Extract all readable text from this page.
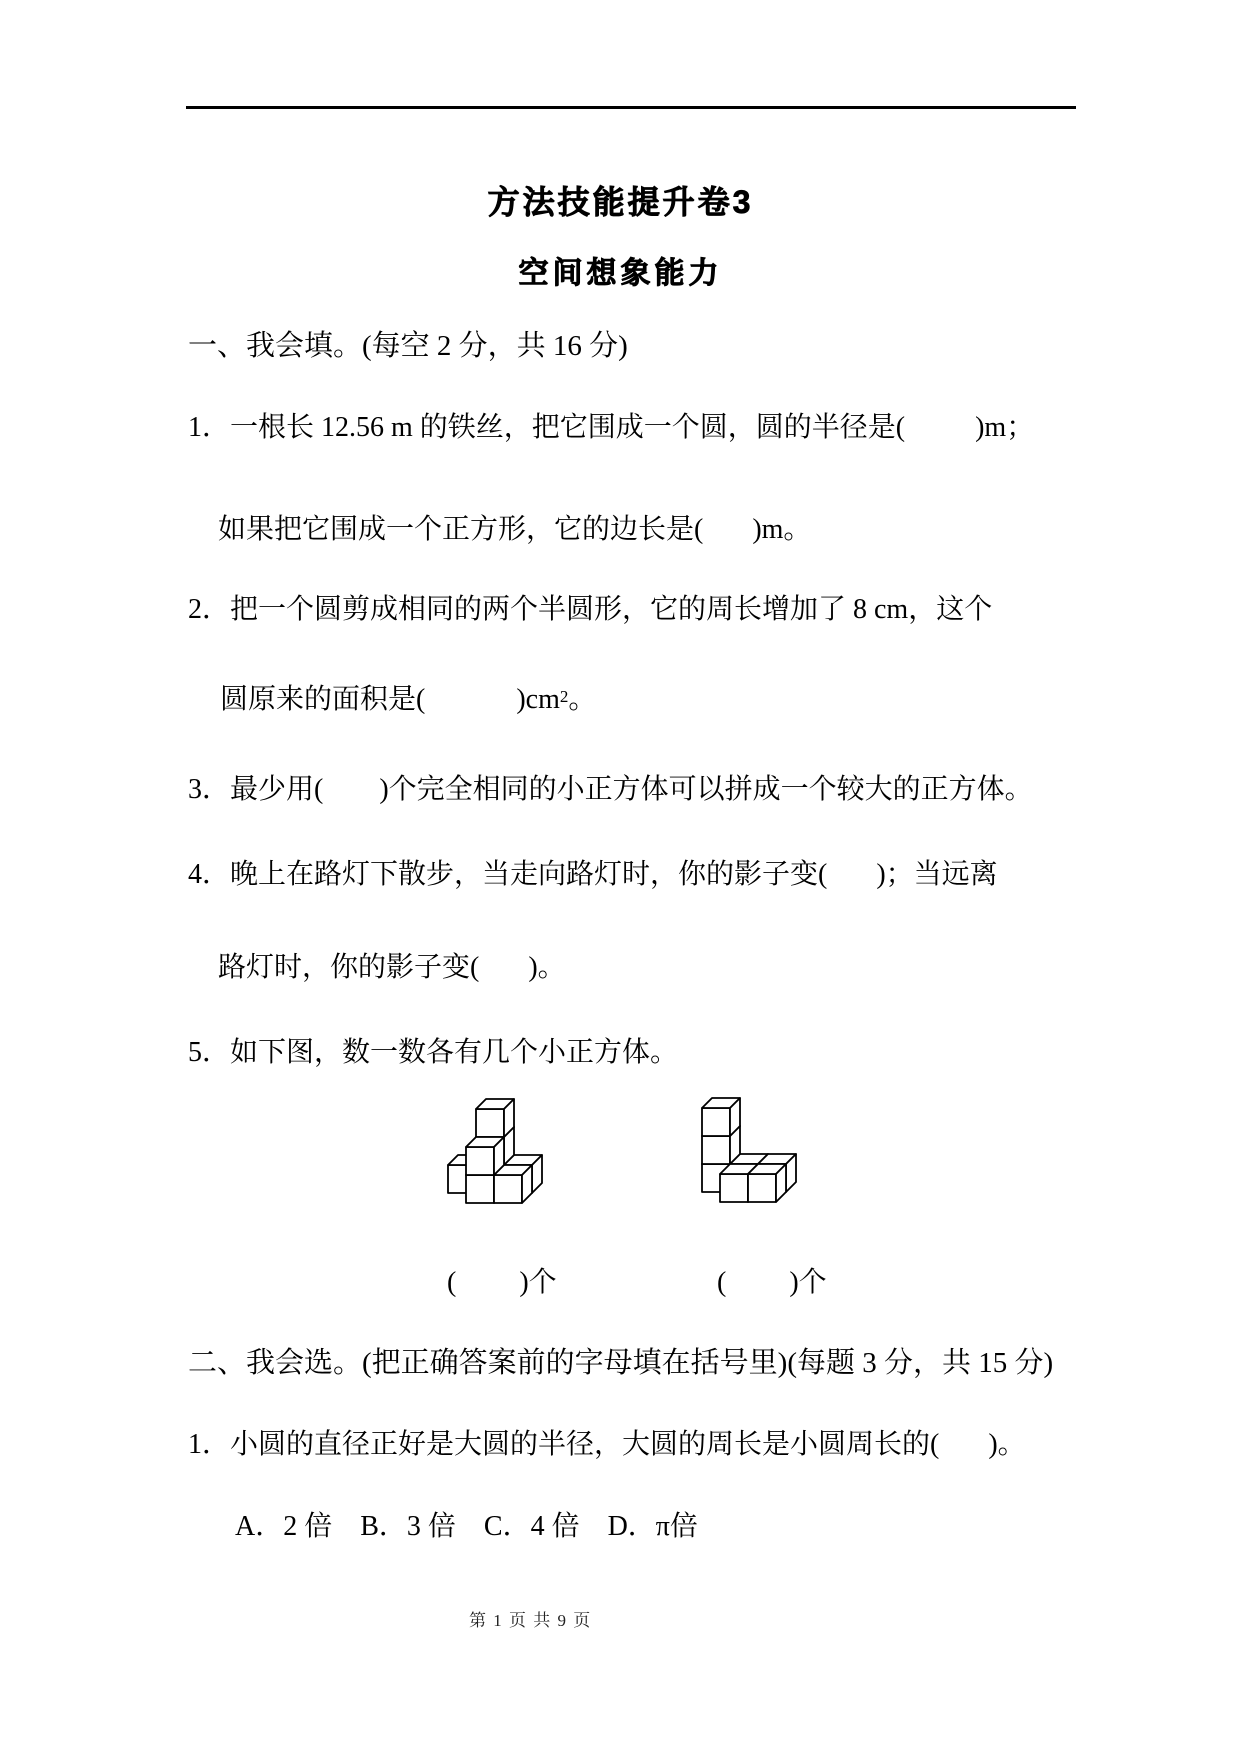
方法技能提升卷3
空间想象能力

一、我会填。(每空 2 分，共 16 分)

1．一根长 12.56 m 的铁丝，把它围成一个圆，圆的半径是(          )m；

如果把它围成一个正方形，它的边长是(       )m。

2．把一个圆剪成相同的两个半圆形，它的周长增加了 8 cm，这个

圆原来的面积是(             )$cm^2$。

3．最少用(        )个完全相同的小正方体可以拼成一个较大的正方体。

4．晚上在路灯下散步，当走向路灯时，你的影子变(       )；当远离

路灯时，你的影子变(       )。

5．如下图，数一数各有几个小正方体。

(         )个	(         )个

二、我会选。(把正确答案前的字母填在括号里)(每题 3 分，共 15 分)

1．小圆的直径正好是大圆的半径，大圆的周长是小圆周长的(       )。

A．2 倍    B．3 倍    C．4 倍    D．π倍

第 1 页 共 9 页
